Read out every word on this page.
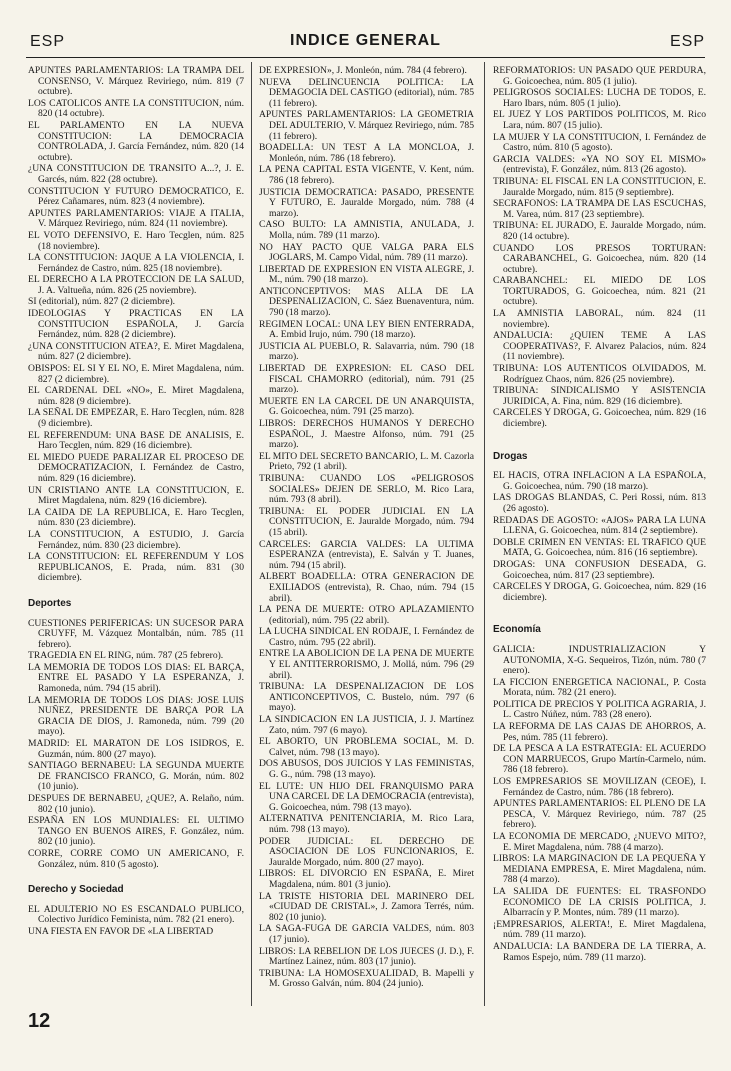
ESP	INDICE GENERAL	ESP
APUNTES PARLAMENTARIOS: LA TRAMPA DEL CONSENSO, V. Márquez Reviriego, núm. 819 (7 octubre).
LOS CATOLICOS ANTE LA CONSTITUCION, núm. 820 (14 octubre).
EL PARLAMENTO EN LA NUEVA CONSTITUCION: LA DEMOCRACIA CONTROLADA, J. García Fernández, núm. 820 (14 octubre).
¿UNA CONSTITUCION DE TRANSITO A...?, J. E. Garcés, núm. 822 (28 octubre).
CONSTITUCION Y FUTURO DEMOCRATICO, E. Pérez Cañamares, núm. 823 (4 noviembre).
APUNTES PARLAMENTARIOS: VIAJE A ITALIA, V. Márquez Reviriego, núm. 824 (11 noviembre).
EL VOTO DEFENSIVO, E. Haro Tecglen, núm. 825 (18 noviembre).
LA CONSTITUCION: JAQUE A LA VIOLENCIA, I. Fernández de Castro, núm. 825 (18 noviembre).
EL DERECHO A LA PROTECCION DE LA SALUD, J. A. Valtueña, núm. 826 (25 noviembre).
SI (editorial), núm. 827 (2 diciembre).
IDEOLOGIAS Y PRACTICAS EN LA CONSTITUCION ESPAÑOLA, J. García Fernández, núm. 828 (2 diciembre).
¿UNA CONSTITUCION ATEA?, E. Miret Magdalena, núm. 827 (2 diciembre).
OBISPOS: EL SI Y EL NO, E. Miret Magdalena, núm. 827 (2 diciembre).
EL CARDENAL DEL «NO», E. Miret Magdalena, núm. 828 (9 diciembre).
LA SEÑAL DE EMPEZAR, E. Haro Tecglen, núm. 828 (9 diciembre).
EL REFERENDUM: UNA BASE DE ANALISIS, E. Haro Tecglen, núm. 829 (16 diciembre).
EL MIEDO PUEDE PARALIZAR EL PROCESO DE DEMOCRATIZACION, I. Fernández de Castro, núm. 829 (16 diciembre).
UN CRISTIANO ANTE LA CONSTITUCION, E. Miret Magdalena, núm. 829 (16 diciembre).
LA CAIDA DE LA REPUBLICA, E. Haro Tecglen, núm. 830 (23 diciembre).
LA CONSTITUCION, A ESTUDIO, J. García Fernández, núm. 830 (23 diciembre).
LA CONSTITUCION: EL REFERENDUM Y LOS REPUBLICANOS, E. Prada, núm. 831 (30 diciembre).
Deportes
CUESTIONES PERIFERICAS: UN SUCESOR PARA CRUYFF, M. Vázquez Montalbán, núm. 785 (11 febrero).
TRAGEDIA EN EL RING, núm. 787 (25 febrero).
LA MEMORIA DE TODOS LOS DIAS: EL BARÇA, ENTRE EL PASADO Y LA ESPERANZA, J. Ramoneda, núm. 794 (15 abril).
LA MEMORIA DE TODOS LOS DIAS: JOSE LUIS NUÑEZ, PRESIDENTE DE BARÇA POR LA GRACIA DE DIOS, J. Ramoneda, núm. 799 (20 mayo).
MADRID: EL MARATON DE LOS ISIDROS, E. Guzmán, núm. 800 (27 mayo).
SANTIAGO BERNABEU: LA SEGUNDA MUERTE DE FRANCISCO FRANCO, G. Morán, núm. 802 (10 junio).
DESPUES DE BERNABEU, ¿QUE?, A. Relaño, núm. 802 (10 junio).
ESPAÑA EN LOS MUNDIALES: EL ULTIMO TANGO EN BUENOS AIRES, F. González, núm. 802 (10 junio).
CORRE, CORRE COMO UN AMERICANO, F. González, núm. 810 (5 agosto).
Derecho y Sociedad
EL ADULTERIO NO ES ESCANDALO PUBLICO, Colectivo Jurídico Feminista, núm. 782 (21 enero).
UNA FIESTA EN FAVOR DE «LA LIBERTAD
DE EXPRESION», J. Monleón, núm. 784 (4 febrero).
NUEVA DELINCUENCIA POLITICA: LA DEMAGOCIA DEL CASTIGO (editorial), núm. 785 (11 febrero).
APUNTES PARLAMENTARIOS: LA GEOMETRIA DEL ADULTERIO, V. Márquez Reviriego, núm. 785 (11 febrero).
BOADELLA: UN TEST A LA MONCLOA, J. Monleón, núm. 786 (18 febrero).
LA PENA CAPITAL ESTA VIGENTE, V. Kent, núm. 786 (18 febrero).
JUSTICIA DEMOCRATICA: PASADO, PRESENTE Y FUTURO, E. Jauralde Morgado, núm. 788 (4 marzo).
CASO BULTO: LA AMNISTIA, ANULADA, J. Molla, núm. 789 (11 marzo).
NO HAY PACTO QUE VALGA PARA ELS JOGLARS, M. Campo Vidal, núm. 789 (11 marzo).
LIBERTAD DE EXPRESION EN VISTA ALEGRE, J. M., núm. 790 (18 marzo).
ANTICONCEPTIVOS: MAS ALLA DE LA DESPENALIZACION, C. Sáez Buenaventura, núm. 790 (18 marzo).
REGIMEN LOCAL: UNA LEY BIEN ENTERRADA, A. Embid Irujo, núm. 790 (18 marzo).
JUSTICIA AL PUEBLO, R. Salavarria, núm. 790 (18 marzo).
LIBERTAD DE EXPRESION: EL CASO DEL FISCAL CHAMORRO (editorial), núm. 791 (25 marzo).
MUERTE EN LA CARCEL DE UN ANARQUISTA, G. Goicoechea, núm. 791 (25 marzo).
LIBROS: DERECHOS HUMANOS Y DERECHO ESPAÑOL, J. Maestre Alfonso, núm. 791 (25 marzo).
EL MITO DEL SECRETO BANCARIO, L. M. Cazorla Prieto, 792 (1 abril).
TRIBUNA: CUANDO LOS «PELIGROSOS SOCIALES» DEJEN DE SERLO, M. Rico Lara, núm. 793 (8 abril).
TRIBUNA: EL PODER JUDICIAL EN LA CONSTITUCION, E. Jauralde Morgado, núm. 794 (15 abril).
CARCELES: GARCIA VALDES: LA ULTIMA ESPERANZA (entrevista), E. Salván y T. Juanes, núm. 794 (15 abril).
ALBERT BOADELLA: OTRA GENERACION DE EXILIADOS (entrevista), R. Chao, núm. 794 (15 abril).
LA PENA DE MUERTE: OTRO APLAZAMIENTO (editorial), núm. 795 (22 abril).
LA LUCHA SINDICAL EN RODAJE, I. Fernández de Castro, núm. 795 (22 abril).
ENTRE LA ABOLICION DE LA PENA DE MUERTE Y EL ANTITERRORISMO, J. Mollá, núm. 796 (29 abril).
TRIBUNA: LA DESPENALIZACION DE LOS ANTICONCEPTIVOS, C. Bustelo, núm. 797 (6 mayo).
LA SINDICACION EN LA JUSTICIA, J. J. Martínez Zato, núm. 797 (6 mayo).
EL ABORTO, UN PROBLEMA SOCIAL, M. D. Calvet, núm. 798 (13 mayo).
DOS ABUSOS, DOS JUICIOS Y LAS FEMINISTAS, G. G., núm. 798 (13 mayo).
EL LUTE: UN HIJO DEL FRANQUISMO PARA UNA CARCEL DE LA DEMOCRACIA (entrevista), G. Goicoechea, núm. 798 (13 mayo).
ALTERNATIVA PENITENCIARIA, M. Rico Lara, núm. 798 (13 mayo).
PODER JUDICIAL: EL DERECHO DE ASOCIACION DE LOS FUNCIONARIOS, E. Jauralde Morgado, núm. 800 (27 mayo).
LIBROS: EL DIVORCIO EN ESPAÑA, E. Miret Magdalena, núm. 801 (3 junio).
LA TRISTE HISTORIA DEL MARINERO DEL «CIUDAD DE CRISTAL», J. Zamora Terrés, núm. 802 (10 junio).
LA SAGA-FUGA DE GARCIA VALDES, núm. 803 (17 junio).
LIBROS: LA REBELION DE LOS JUECES (J. D.), F. Martínez Lainez, núm. 803 (17 junio).
TRIBUNA: LA HOMOSEXUALIDAD, B. Mapelli y M. Grosso Galván, núm. 804 (24 junio).
REFORMATORIOS: UN PASADO QUE PERDURA, G. Goicoechea, núm. 805 (1 julio).
PELIGROSOS SOCIALES: LUCHA DE TODOS, E. Haro Ibars, núm. 805 (1 julio).
EL JUEZ Y LOS PARTIDOS POLITICOS, M. Rico Lara, núm. 807 (15 julio).
LA MUJER Y LA CONSTITUCION, I. Fernández de Castro, núm. 810 (5 agosto).
GARCIA VALDES: «YA NO SOY EL MISMO» (entrevista), F. González, núm. 813 (26 agosto).
TRIBUNA: EL FISCAL EN LA CONSTITUCION, E. Jauralde Morgado, núm. 815 (9 septiembre).
SECRAFONOS: LA TRAMPA DE LAS ESCUCHAS, M. Varea, núm. 817 (23 septiembre).
TRIBUNA: EL JURADO, E. Jauralde Morgado, núm. 820 (14 octubre).
CUANDO LOS PRESOS TORTURAN: CARABANCHEL, G. Goicoechea, núm. 820 (14 octubre).
CARABANCHEL: EL MIEDO DE LOS TORTURADOS, G. Goicoechea, núm. 821 (21 octubre).
LA AMNISTIA LABORAL, núm. 824 (11 noviembre).
ANDALUCIA: ¿QUIEN TEME A LAS COOPERATIVAS?, F. Alvarez Palacios, núm. 824 (11 noviembre).
TRIBUNA: LOS AUTENTICOS OLVIDADOS, M. Rodríguez Chaos, núm. 826 (25 noviembre).
TRIBUNA: SINDICALISMO Y ASISTENCIA JURIDICA, A. Fina, núm. 829 (16 diciembre).
CARCELES Y DROGA, G. Goicoechea, núm. 829 (16 diciembre).
Drogas
EL HACIS, OTRA INFLACION A LA ESPAÑOLA, G. Goicoechea, núm. 790 (18 marzo).
LAS DROGAS BLANDAS, C. Peri Rossi, núm. 813 (26 agosto).
REDADAS DE AGOSTO: «AJOS» PARA LA LUNA LLENA, G. Goicoechea, núm. 814 (2 septiembre).
DOBLE CRIMEN EN VENTAS: EL TRAFICO QUE MATA, G. Goicoechea, núm. 816 (16 septiembre).
DROGAS: UNA CONFUSION DESEADA, G. Goicoechea, núm. 817 (23 septiembre).
CARCELES Y DROGA, G. Goicoechea, núm. 829 (16 diciembre).
Economía
GALICIA: INDUSTRIALIZACION Y AUTONOMIA, X-G. Sequeiros, Tizón, núm. 780 (7 enero).
LA FICCION ENERGETICA NACIONAL, P. Costa Morata, núm. 782 (21 enero).
POLITICA DE PRECIOS Y POLITICA AGRARIA, J. L. Castro Núñez, núm. 783 (28 enero).
LA REFORMA DE LAS CAJAS DE AHORROS, A. Pes, núm. 785 (11 febrero).
DE LA PESCA A LA ESTRATEGIA: EL ACUERDO CON MARRUECOS, Grupo Martín-Carmelo, núm. 786 (18 febrero).
LOS EMPRESARIOS SE MOVILIZAN (CEOE), I. Fernández de Castro, núm. 786 (18 febrero).
APUNTES PARLAMENTARIOS: EL PLENO DE LA PESCA, V. Márquez Reviriego, núm. 787 (25 febrero).
LA ECONOMIA DE MERCADO, ¿NUEVO MITO?, E. Miret Magdalena, núm. 788 (4 marzo).
LIBROS: LA MARGINACION DE LA PEQUEÑA Y MEDIANA EMPRESA, E. Miret Magdalena, núm. 788 (4 marzo).
LA SALIDA DE FUENTES: EL TRASFONDO ECONOMICO DE LA CRISIS POLITICA, J. Albarracín y P. Montes, núm. 789 (11 marzo).
¡EMPRESARIOS, ALERTA!, E. Miret Magdalena, núm. 789 (11 marzo).
ANDALUCIA: LA BANDERA DE LA TIERRA, A. Ramos Espejo, núm. 789 (11 marzo).
12
